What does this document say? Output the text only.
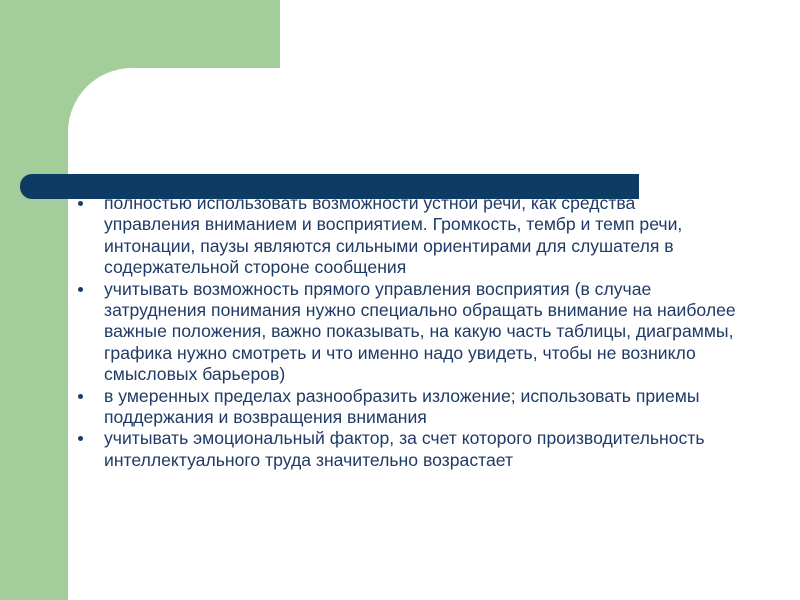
полностью использовать возможности устной речи, как средства управления вниманием и восприятием. Громкость, тембр и темп речи, интонации, паузы являются сильными ориентирами для слушателя в содержательной стороне сообщения
учитывать возможность прямого управления восприятия (в случае затруднения понимания нужно специально обращать внимание на наиболее важные положения, важно показывать, на какую часть таблицы, диаграммы, графика нужно смотреть и что именно надо увидеть, чтобы не возникло смысловых барьеров)
в умеренных пределах разнообразить изложение; использовать приемы поддержания и возвращения внимания
учитывать эмоциональный фактор, за счет которого производительность интеллектуального труда значительно возрастает
